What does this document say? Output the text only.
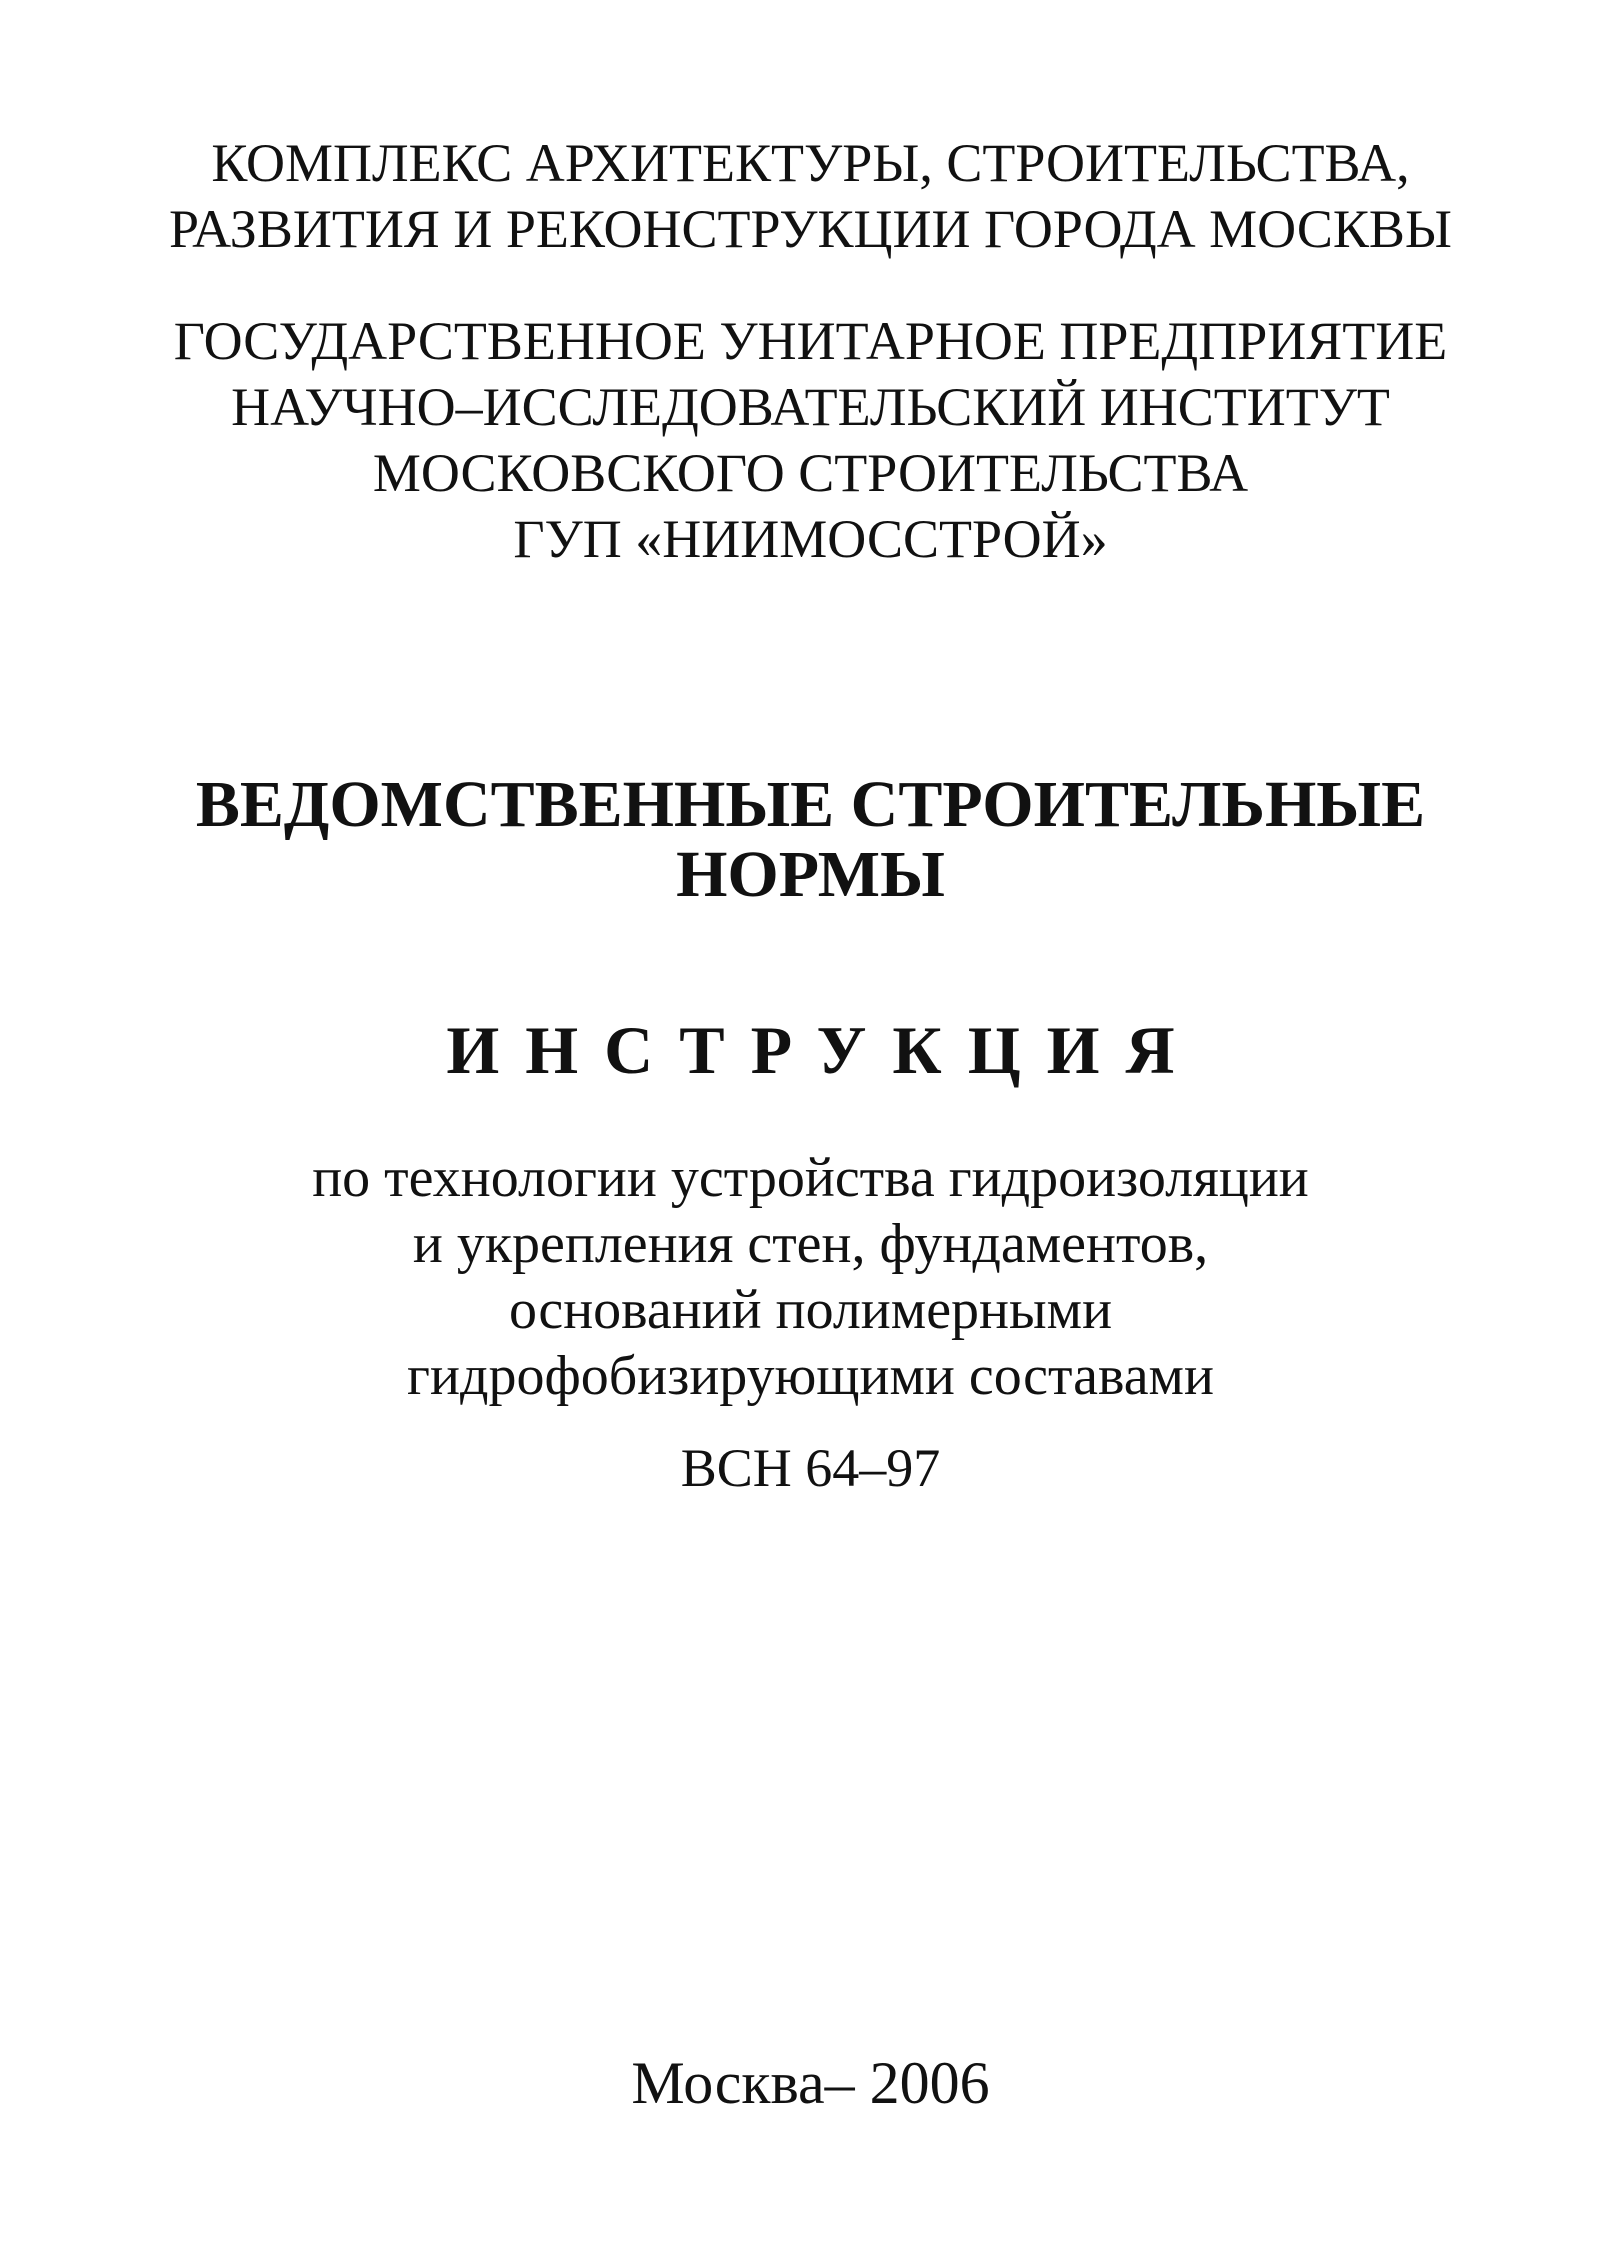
КОМПЛЕКС АРХИТЕКТУРЫ, СТРОИТЕЛЬСТВА,
РАЗВИТИЯ И РЕКОНСТРУКЦИИ ГОРОДА МОСКВЫ
ГОСУДАРСТВЕННОЕ УНИТАРНОЕ ПРЕДПРИЯТИЕ
НАУЧНО–ИССЛЕДОВАТЕЛЬСКИЙ ИНСТИТУТ
МОСКОВСКОГО СТРОИТЕЛЬСТВА
ГУП «НИИМОССТРОЙ»
ВЕДОМСТВЕННЫЕ СТРОИТЕЛЬНЫЕ
НОРМЫ
ИНСТРУКЦИЯ
по технологии устройства гидроизоляции
и укрепления стен, фундаментов,
оснований полимерными
гидрофобизирующими составами
ВСН 64–97
Москва– 2006
